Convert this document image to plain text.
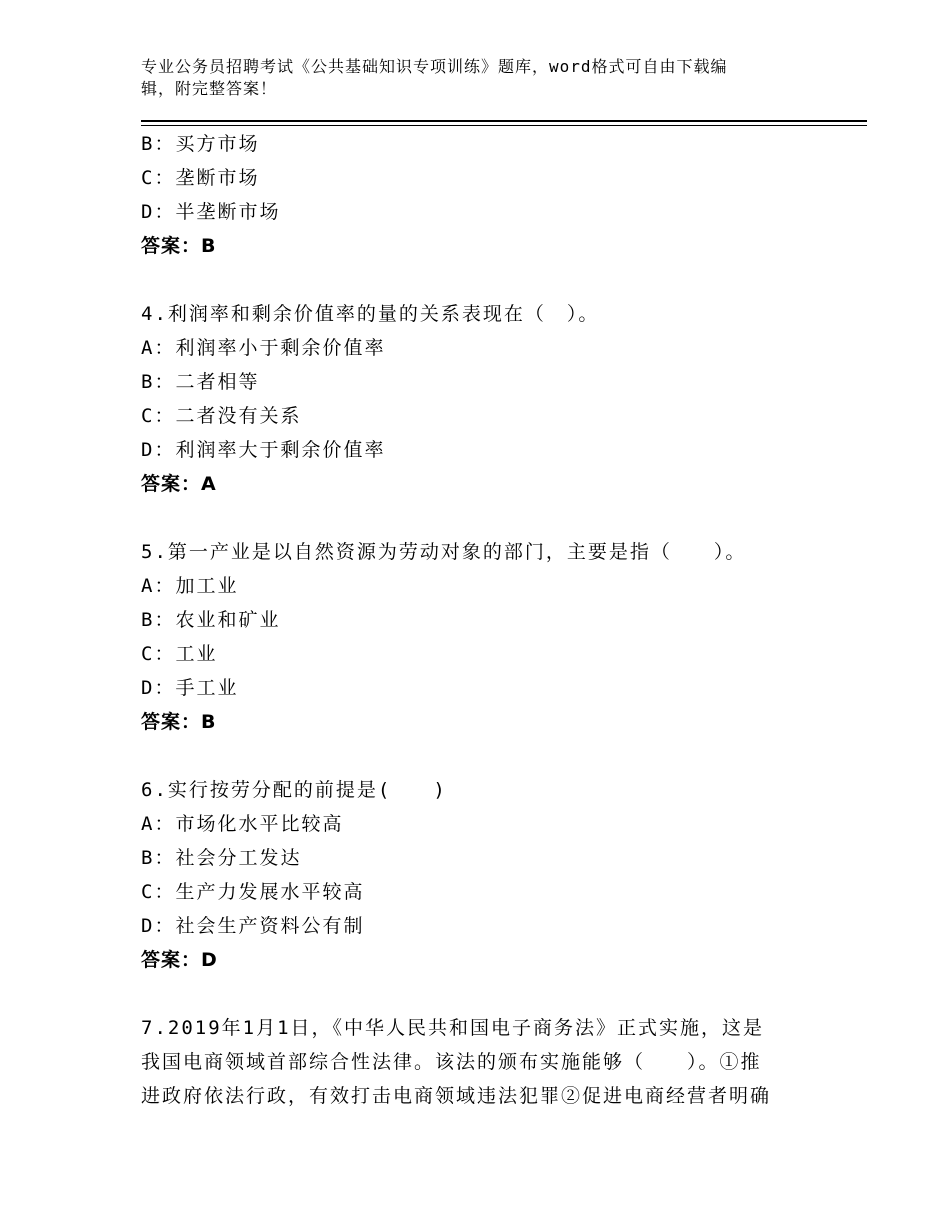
专业公务员招聘考试《公共基础知识专项训练》题库，word格式可自由下载编
辑，附完整答案！
B：买方市场
C：垄断市场
D：半垄断市场
答案：B
4.利润率和剩余价值率的量的关系表现在（　）。
A：利润率小于剩余价值率
B：二者相等
C：二者没有关系
D：利润率大于剩余价值率
答案：A
5.第一产业是以自然资源为劳动对象的部门，主要是指（　　）。
A：加工业
B：农业和矿业
C：工业
D：手工业
答案：B
6.实行按劳分配的前提是(　　)
A：市场化水平比较高
B：社会分工发达
C：生产力发展水平较高
D：社会生产资料公有制
答案：D
7.2019年1月1日，《中华人民共和国电子商务法》正式实施，这是
我国电商领域首部综合性法律。该法的颁布实施能够（　　）。①推
进政府依法行政，有效打击电商领域违法犯罪②促进电商经营者明确
